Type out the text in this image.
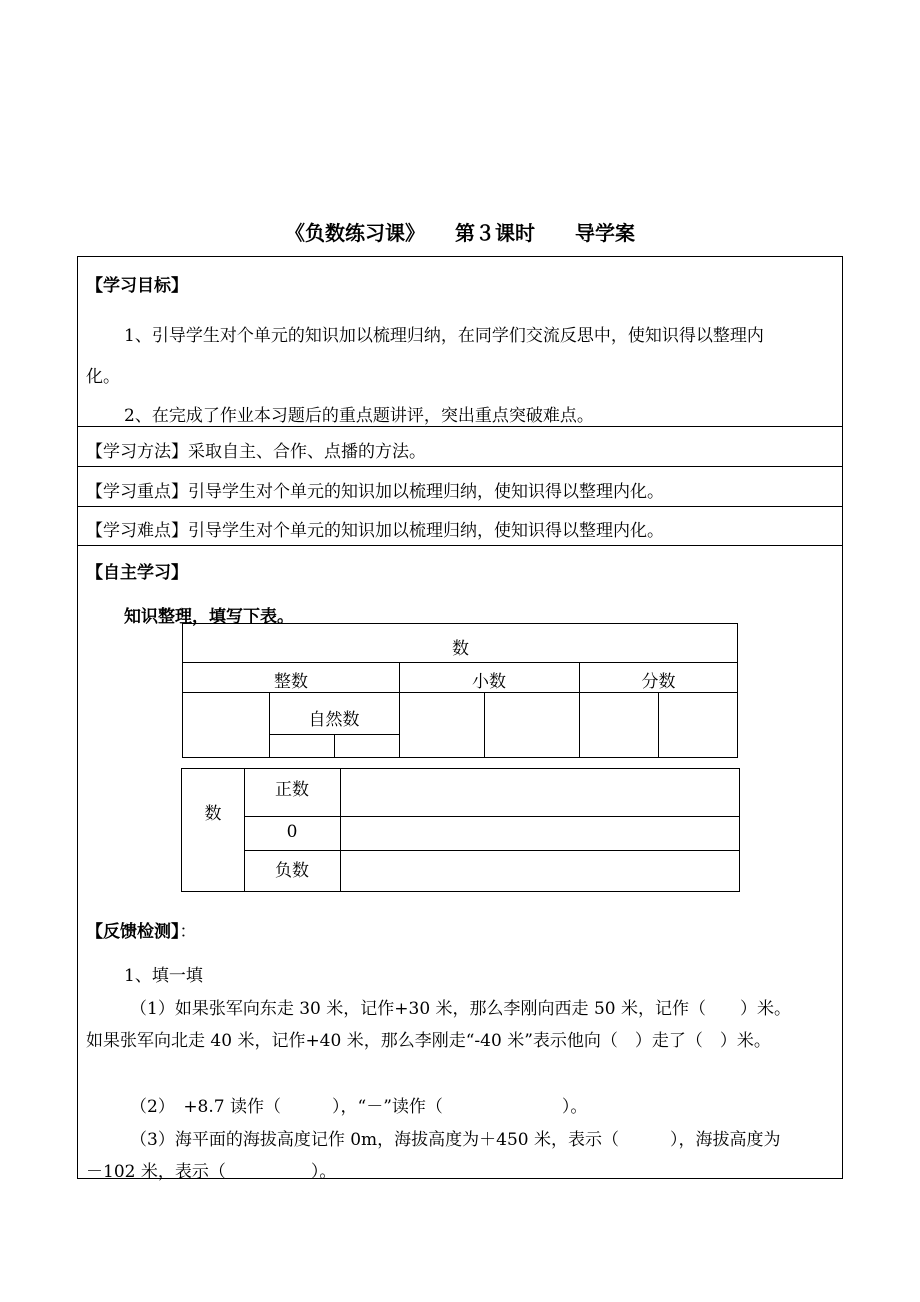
《负数练习课》　　第３课时　　导学案
【学习目标】
1、引导学生对个单元的知识加以梳理归纳，在同学们交流反思中，使知识得以整理内
化。
2、在完成了作业本习题后的重点题讲评，突出重点突破难点。
【学习方法】采取自主、合作、点播的方法。
【学习重点】引导学生对个单元的知识加以梳理归纳，使知识得以整理内化。
【学习难点】引导学生对个单元的知识加以梳理归纳，使知识得以整理内化。
【自主学习】
知识整理，填写下表。
【反馈检测】：
1、填一填
（1）如果张军向东走 30 米，记作+30 米，那么李刚向西走 50 米，记作（　　）米。
如果张军向北走 40 米，记作+40 米，那么李刚走“-40 米”表示他向（　）走了（　）米。
（2）　+8.7 读作（　　　），“－”读作（　　　　　　　）。
（3）海平面的海拔高度记作 0m，海拔高度为＋450 米，表示（　　　），海拔高度为
－102 米，表示（　　　　　）。
数
整数	小数	分数
自然数
数
正数
0
负数
